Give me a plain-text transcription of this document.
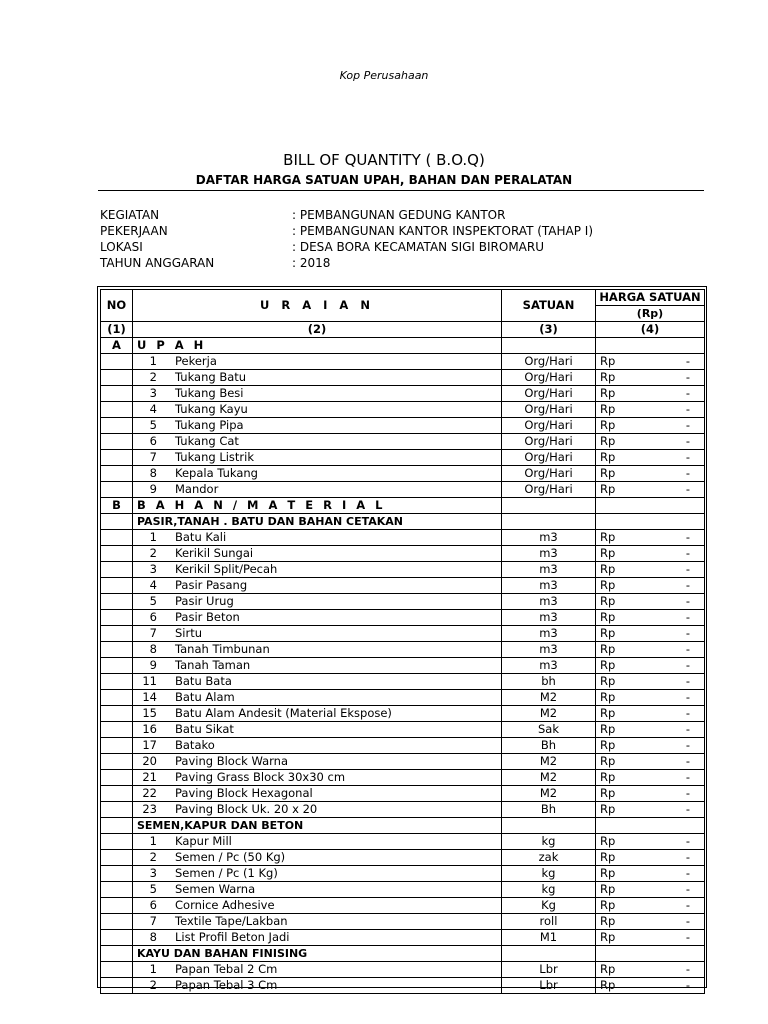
Kop Perusahaan
BILL OF QUANTITY ( B.O.Q)
DAFTAR HARGA SATUAN UPAH, BAHAN DAN PERALATAN
KEGIATAN	: PEMBANGUNAN GEDUNG KANTOR
PEKERJAAN	: PEMBANGUNAN KANTOR INSPEKTORAT (TAHAP I)
LOKASI	: DESA BORA KECAMATAN SIGI BIROMARU
TAHUN ANGGARAN	: 2018
NO	U R A I A N	SATUAN	HARGA SATUAN
			(Rp)
(1)	(2)	(3)	(4)
A	U P A H		
	1 Pekerja	Org/Hari	Rp -
	2 Tukang Batu	Org/Hari	Rp -
	3 Tukang Besi	Org/Hari	Rp -
	4 Tukang Kayu	Org/Hari	Rp -
	5 Tukang Pipa	Org/Hari	Rp -
	6 Tukang Cat	Org/Hari	Rp -
	7 Tukang Listrik	Org/Hari	Rp -
	8 Kepala Tukang	Org/Hari	Rp -
	9 Mandor	Org/Hari	Rp -
B	B A H A N / M A T E R I A L		
	PASIR,TANAH . BATU DAN BAHAN CETAKAN		
	1 Batu Kali	m3	Rp -
	2 Kerikil Sungai	m3	Rp -
	3 Kerikil Split/Pecah	m3	Rp -
	4 Pasir Pasang	m3	Rp -
	5 Pasir Urug	m3	Rp -
	6 Pasir Beton	m3	Rp -
	7 Sirtu	m3	Rp -
	8 Tanah Timbunan	m3	Rp -
	9 Tanah Taman	m3	Rp -
	11 Batu Bata	bh	Rp -
	14 Batu Alam	M2	Rp -
	15 Batu Alam Andesit (Material Ekspose)	M2	Rp -
	16 Batu Sikat	Sak	Rp -
	17 Batako	Bh	Rp -
	20 Paving Block Warna	M2	Rp -
	21 Paving Grass Block 30x30 cm	M2	Rp -
	22 Paving Block Hexagonal	M2	Rp -
	23 Paving Block Uk. 20 x 20	Bh	Rp -
	SEMEN,KAPUR DAN BETON		
	1 Kapur Mill	kg	Rp -
	2 Semen / Pc (50 Kg)	zak	Rp -
	3 Semen / Pc (1 Kg)	kg	Rp -
	5 Semen Warna	kg	Rp -
	6 Cornice Adhesive	Kg	Rp -
	7 Textile Tape/Lakban	roll	Rp -
	8 List Profil Beton Jadi	M1	Rp -
	KAYU DAN BAHAN FINISING		
	1 Papan Tebal 2 Cm	Lbr	Rp -
	2 Papan Tebal 3 Cm	Lbr	Rp -
